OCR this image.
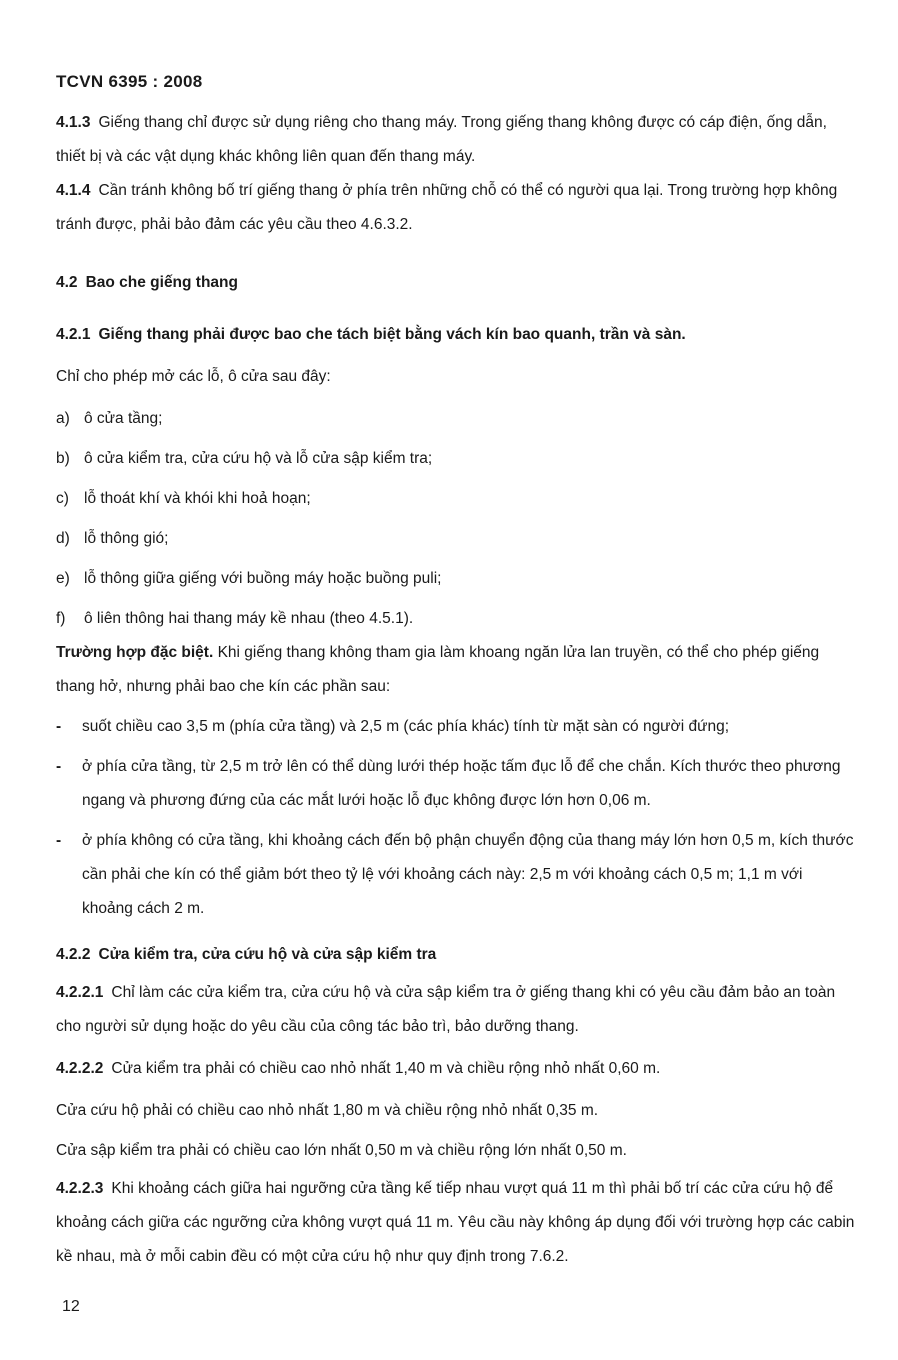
TCVN 6395 : 2008

4.1.3 Giếng thang chỉ được sử dụng riêng cho thang máy. Trong giếng thang không được có cáp điện, ống dẫn, thiết bị và các vật dụng khác không liên quan đến thang máy.

4.1.4 Cần tránh không bố trí giếng thang ở phía trên những chỗ có thể có người qua lại. Trong trường hợp không tránh được, phải bảo đảm các yêu cầu theo 4.6.3.2.

4.2 Bao che giếng thang

4.2.1 Giếng thang phải được bao che tách biệt bằng vách kín bao quanh, trần và sàn.

Chỉ cho phép mở các lỗ, ô cửa sau đây:

a) ô cửa tầng;
b) ô cửa kiểm tra, cửa cứu hộ và lỗ cửa sập kiểm tra;
c) lỗ thoát khí và khói khi hoả hoạn;
d) lỗ thông gió;
e) lỗ thông giữa giếng với buồng máy hoặc buồng puli;
f) ô liên thông hai thang máy kề nhau (theo 4.5.1).

Trường hợp đặc biệt. Khi giếng thang không tham gia làm khoang ngăn lửa lan truyền, có thể cho phép giếng thang hở, nhưng phải bao che kín các phần sau:

- suốt chiều cao 3,5 m (phía cửa tầng) và 2,5 m (các phía khác) tính từ mặt sàn có người đứng;
- ở phía cửa tầng, từ 2,5 m trở lên có thể dùng lưới thép hoặc tấm đục lỗ để che chắn. Kích thước theo phương ngang và phương đứng của các mắt lưới hoặc lỗ đục không được lớn hơn 0,06 m.
- ở phía không có cửa tầng, khi khoảng cách đến bộ phận chuyển động của thang máy lớn hơn 0,5 m, kích thước cần phải che kín có thể giảm bớt theo tỷ lệ với khoảng cách này: 2,5 m với khoảng cách 0,5 m; 1,1 m với khoảng cách 2 m.

4.2.2 Cửa kiểm tra, cửa cứu hộ và cửa sập kiểm tra

4.2.2.1 Chỉ làm các cửa kiểm tra, cửa cứu hộ và cửa sập kiểm tra ở giếng thang khi có yêu cầu đảm bảo an toàn cho người sử dụng hoặc do yêu cầu của công tác bảo trì, bảo dưỡng thang.

4.2.2.2 Cửa kiểm tra phải có chiều cao nhỏ nhất 1,40 m và chiều rộng nhỏ nhất 0,60 m.

Cửa cứu hộ phải có chiều cao nhỏ nhất 1,80 m và chiều rộng nhỏ nhất 0,35 m.

Cửa sập kiểm tra phải có chiều cao lớn nhất 0,50 m và chiều rộng lớn nhất 0,50 m.

4.2.2.3 Khi khoảng cách giữa hai ngưỡng cửa tầng kế tiếp nhau vượt quá 11 m thì phải bố trí các cửa cứu hộ để khoảng cách giữa các ngưỡng cửa không vượt quá 11 m. Yêu cầu này không áp dụng đối với trường hợp các cabin kề nhau, mà ở mỗi cabin đều có một cửa cứu hộ như quy định trong 7.6.2.

12
